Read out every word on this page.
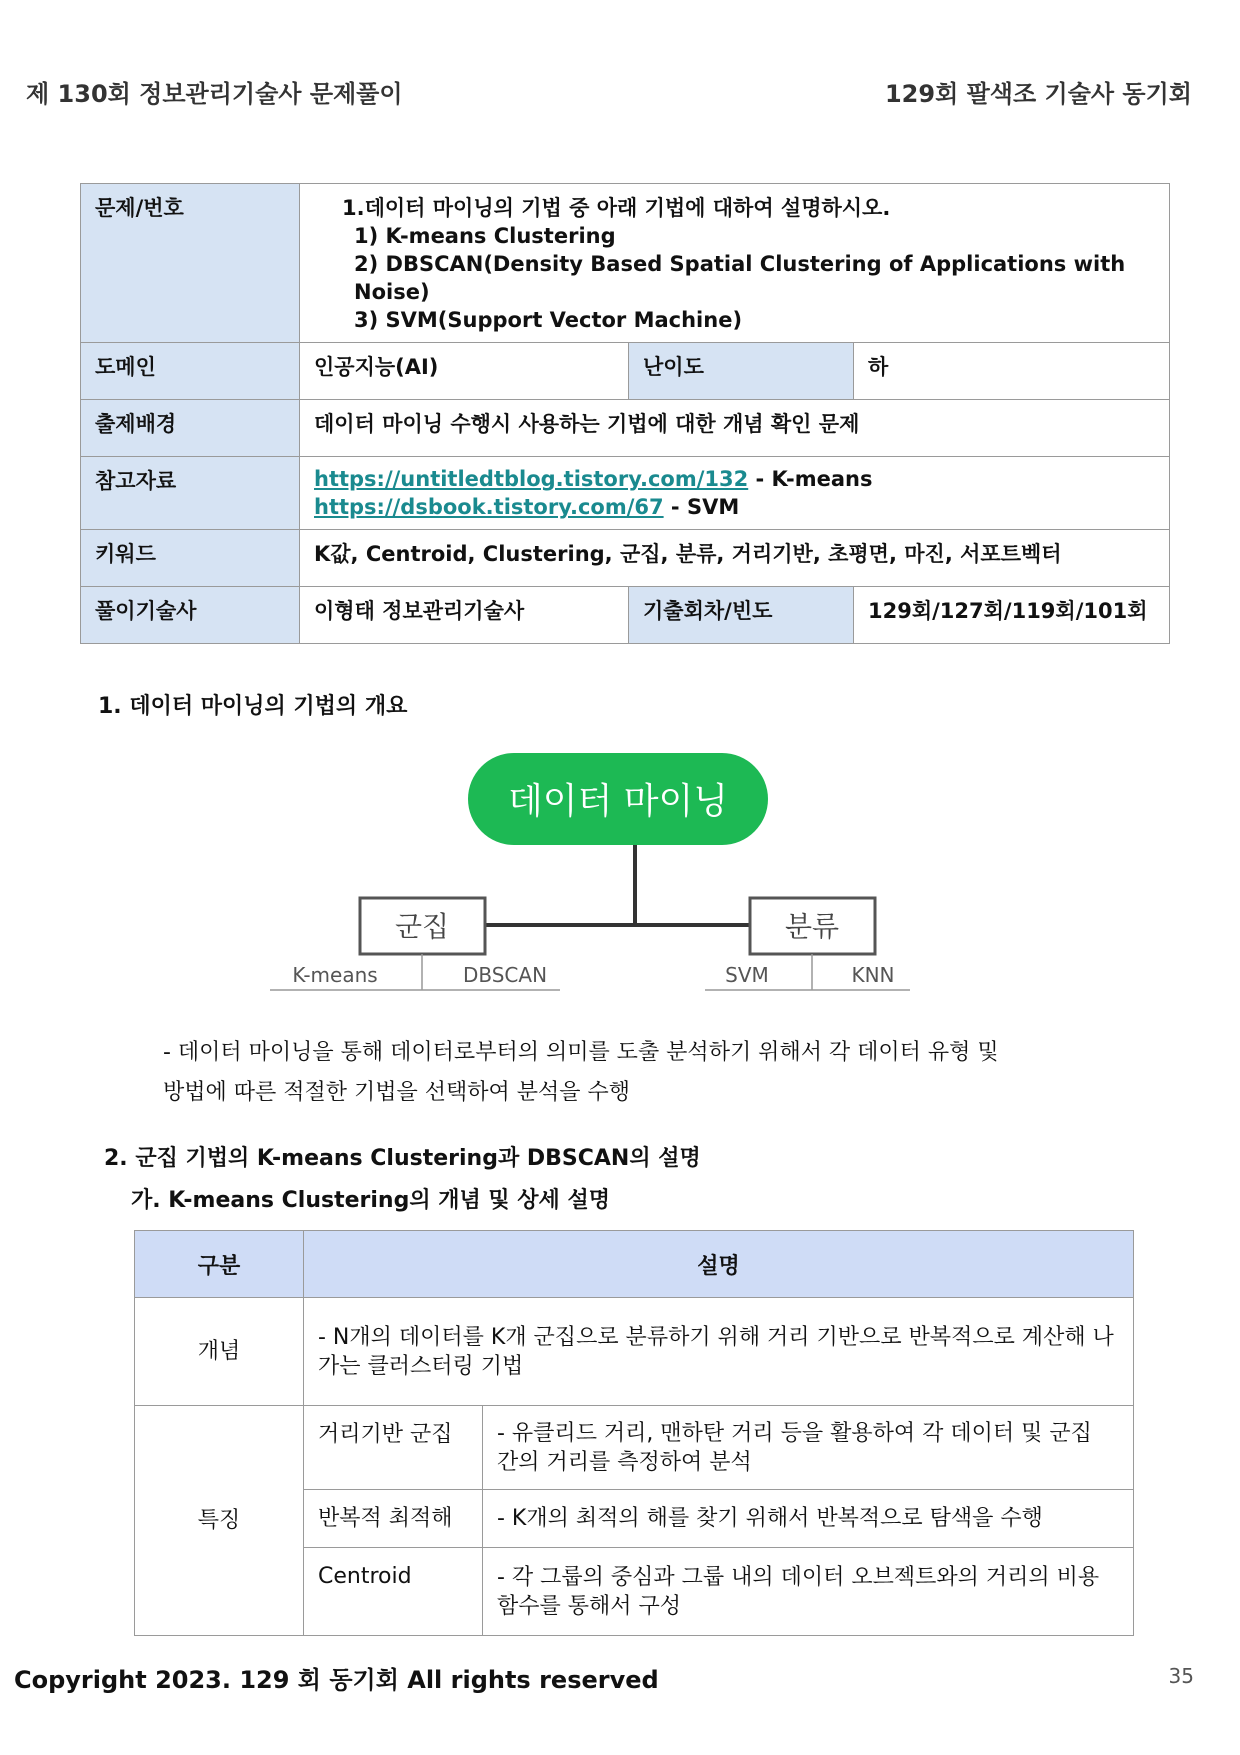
제 130회 정보관리기술사 문제풀이	129회 팔색조 기술사 동기회
문제/번호	1.데이터 마이닝의 기법 중 아래 기법에 대하여 설명하시오.
1) K-means Clustering
2) DBSCAN(Density Based Spatial Clustering of Applications with Noise)
3) SVM(Support Vector Machine)		

도메인	인공지능(AI)	난이도	하
출제배경	데이터 마이닝 수행시 사용하는 기법에 대한 개념 확인 문제		
참고자료	https://untitledtblog.tistory.com/132 - K-means
https://dsbook.tistory.com/67 - SVM		

키워드	K값, Centroid, Clustering, 군집, 분류, 거리기반, 초평면, 마진, 서포트벡터		
풀이기술사	이형태 정보관리기술사	기출회차/빈도	129회/127회/119회/101회
1. 데이터 마이닝의 기법의 개요
데이터 마이닝
군집	분류
K-means	DBSCAN	SVM	KNN
- 데이터 마이닝을 통해 데이터로부터의 의미를 도출 분석하기 위해서 각 데이터 유형 및
방법에 따른 적절한 기법을 선택하여 분석을 수행
2. 군집 기법의 K-means Clustering과 DBSCAN의 설명
가. K-means Clustering의 개념 및 상세 설명
구분	설명	
개념	- N개의 데이터를 K개 군집으로 분류하기 위해 거리 기반으로 반복적으로 계산해 나가는 클러스터링 기법	
특징	거리기반 군집	- 유클리드 거리, 맨하탄 거리 등을 활용하여 각 데이터 및 군집 간의 거리를 측정하여 분석
	반복적 최적해	- K개의 최적의 해를 찾기 위해서 반복적으로 탐색을 수행
	Centroid	- 각 그룹의 중심과 그룹 내의 데이터 오브젝트와의 거리의 비용함수를 통해서 구성
Copyright 2023. 129 회 동기회 All rights reserved	35
